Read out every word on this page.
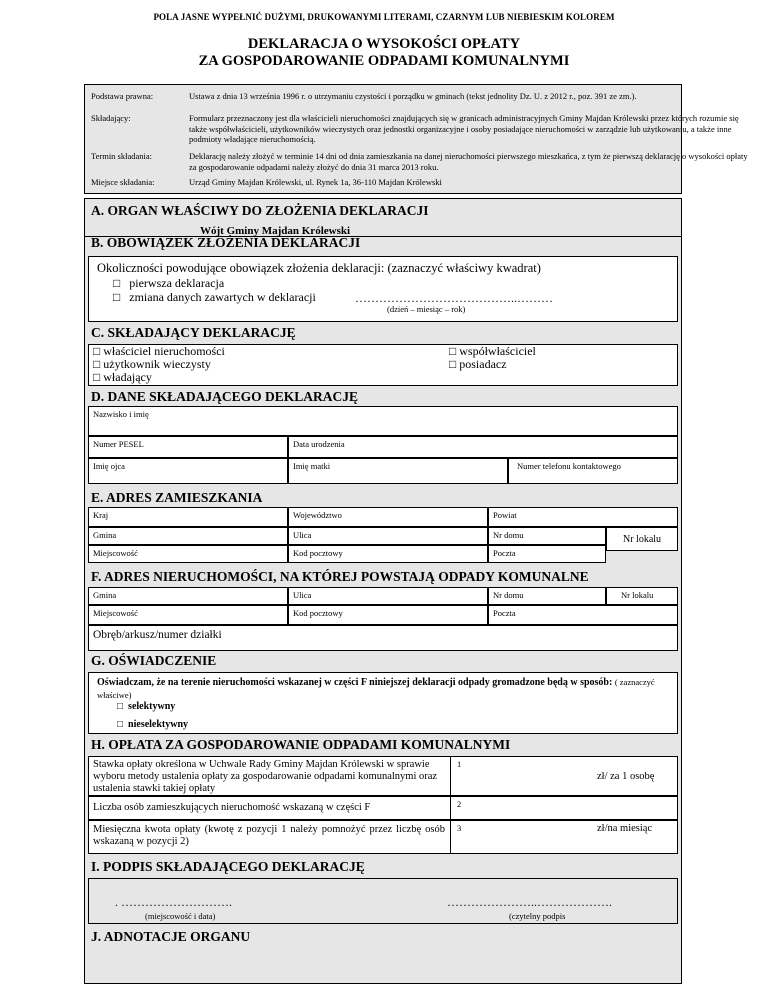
POLA JASNE WYPEŁNIĆ DUŻYMI, DRUKOWANYMI LITERAMI, CZARNYM LUB NIEBIESKIM KOLOREM
DEKLARACJA O WYSOKOŚCI OPŁATY
ZA GOSPODAROWANIE ODPADAMI KOMUNALNYMI
Podstawa prawna:	Ustawa z dnia 13 września 1996 r. o utrzymaniu czystości i porządku w gminach (tekst jednolity Dz. U. z 2012 r., poz. 391 ze zm.).
Składający:	Formularz przeznaczony jest dla właścicieli nieruchomości znajdujących się w granicach administracyjnych Gminy Majdan Królewski przez których rozumie się także współwłaścicieli, użytkowników wieczystych oraz jednostki organizacyjne i osoby posiadające nieruchomości w zarządzie lub użytkowaniu, a także inne podmioty władające nieruchomością.
Termin składania:	Deklarację należy złożyć w terminie 14 dni od dnia zamieszkania na danej nieruchomości pierwszego mieszkańca, z tym że pierwszą deklarację o wysokości opłaty za gospodarowanie odpadami należy złożyć do dnia 31 marca 2013 roku.
Miejsce składania:	Urząd Gminy Majdan Królewski, ul. Rynek 1a, 36-110 Majdan Królewski
A. ORGAN WŁAŚCIWY DO ZŁOŻENIA DEKLARACJI
Wójt Gminy Majdan Królewski
B. OBOWIĄZEK ZŁOŻENIA DEKLARACJI
Okoliczności powodujące obowiązek złożenia deklaracji: (zaznaczyć właściwy kwadrat)
□   pierwsza deklaracja
□   zmiana danych zawartych w deklaracji	…………………………………..………
(dzień – miesiąc – rok)
C. SKŁADAJĄCY DEKLARACJĘ
□ właściciel nieruchomości
□ użytkownik wieczysty
□ władający
□ współwłaściciel
□ posiadacz
D. DANE SKŁADAJĄCEGO DEKLARACJĘ
Nazwisko i imię
Numer PESEL	Data urodzenia
Imię ojca	Imię matki	Numer telefonu kontaktowego
E. ADRES ZAMIESZKANIA
Kraj	Województwo	Powiat
Gmina	Ulica	Nr domu	Nr lokalu
Miejscowość	Kod pocztowy	Poczta
F. ADRES NIERUCHOMOŚCI, NA KTÓREJ POWSTAJĄ ODPADY KOMUNALNE
Gmina	Ulica	Nr domu	Nr lokalu
Miejscowość	Kod pocztowy	Poczta
Obręb/arkusz/numer działki
G. OŚWIADCZENIE
Oświadczam, że na terenie nieruchomości wskazanej w części F niniejszej deklaracji odpady gromadzone będą w sposób: ( zaznaczyć właściwe)
□  selektywny
□  nieselektywny
H. OPŁATA ZA GOSPODAROWANIE ODPADAMI KOMUNALNYMI
Stawka opłaty określona w Uchwale Rady Gminy Majdan Królewski w sprawie wyboru metody ustalenia opłaty za gospodarowanie odpadami komunalnymi oraz ustalenia stawki takiej opłaty
1
zł/ za 1 osobę
Liczba osób zamieszkujących nieruchomość wskazaną w części F	2
Miesięczna kwota opłaty (kwotę z pozycji 1 należy pomnożyć przez liczbę osób wskazaną w pozycji 2)
3	zł/na miesiąc
I. PODPIS SKŁADAJĄCEGO DEKLARACJĘ
. ……………………….
(miejscowość i data)
…………………..……………….
(czytelny podpis
J. ADNOTACJE ORGANU
